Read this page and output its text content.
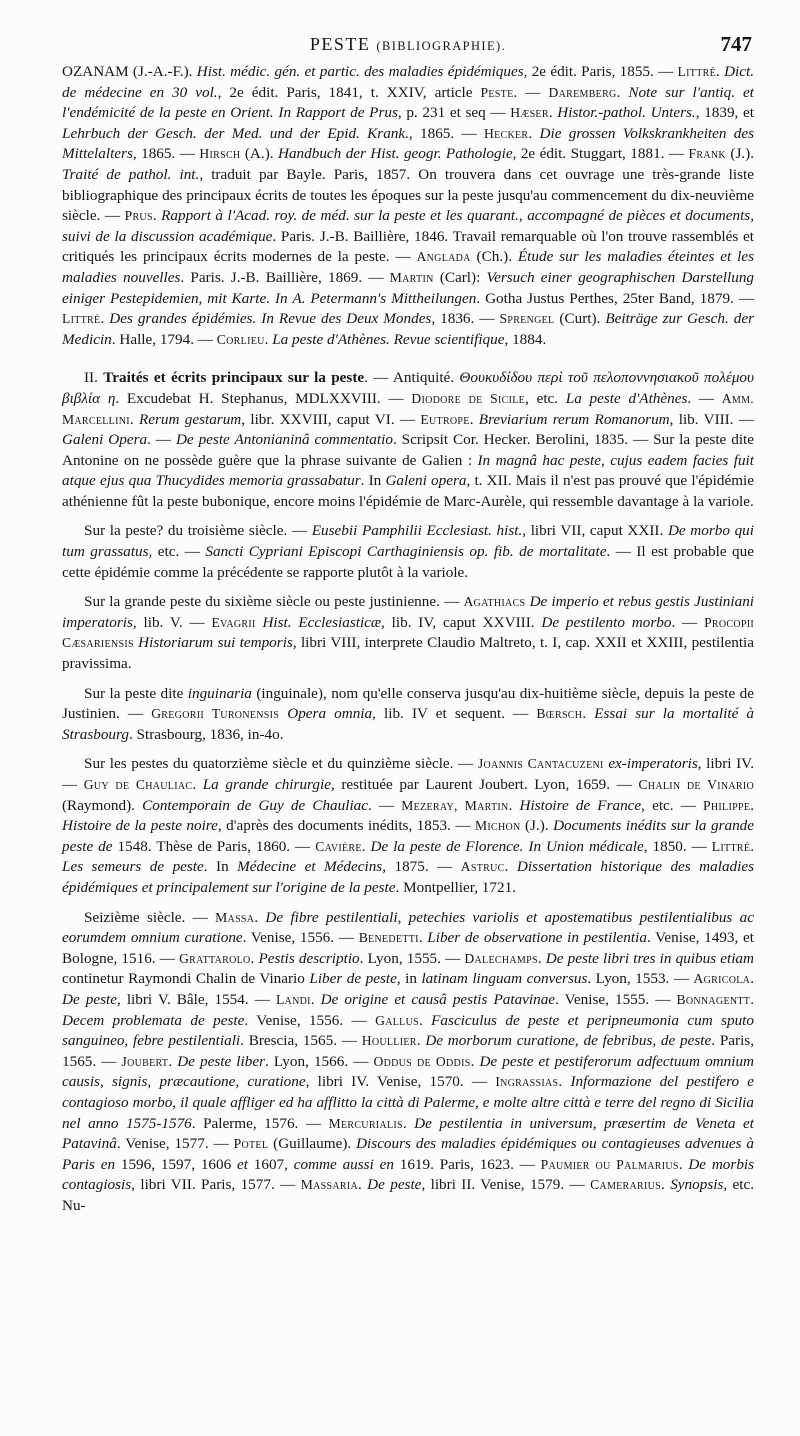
PESTE (BIBLIOGRAPHIE).	747

OZANAM (J.-A.-F.). Hist. médic. gén. et partic. des maladies épidémiques, 2e édit. Paris, 1855. — Littré. Dict. de médecine en 30 vol., 2e édit. Paris, 1841, t. XXIV, article Peste. — Daremberg. Note sur l'antiq. et l'endémicité de la peste en Orient. In Rapport de Prus, p. 231 et seq — Hæser. Histor.-pathol. Unters., 1839, et Lehrbuch der Gesch. der Med. und der Epid. Krank., 1865. — Hecker. Die grossen Volkskrankheiten des Mittelalters, 1865. — Hirsch (A.). Handbuch der Hist. geogr. Pathologie, 2e édit. Stuggart, 1881. — Frank (J.). Traité de pathol. int., traduit par Bayle. Paris, 1857. On trouvera dans cet ouvrage une très-grande liste bibliographique des principaux écrits de toutes les époques sur la peste jusqu'au commencement du dix-neuvième siècle. — Prus. Rapport à l'Acad. roy. de méd. sur la peste et les quarant., accompagné de pièces et documents, suivi de la discussion académique. Paris. J.-B. Baillière, 1846. Travail remarquable où l'on trouve rassemblés et critiqués les principaux écrits modernes de la peste. — Anglada (Ch.). Étude sur les maladies éteintes et les maladies nouvelles. Paris. J.-B. Baillière, 1869. — Martin (Carl): Versuch einer geographischen Darstellung einiger Pestepidemien, mit Karte. In A. Petermann's Mittheilungen. Gotha Justus Perthes, 25ter Band, 1879. — Littré. Des grandes épidémies. In Revue des Deux Mondes, 1836. — Sprengel (Curt). Beiträge zur Gesch. der Medicin. Halle, 1794. — Corlieu. La peste d'Athènes. Revue scientifique, 1884.

II. Traités et écrits principaux sur la peste. — Antiquité. Θουκυδίδου περὶ τοῦ πελοποννησιακοῦ πολέμου βιβλία η. Excudebat H. Stephanus, MDLXXVIII. — Diodore de Sicile, etc. La peste d'Athènes. — Amm. Marcellini. Rerum gestarum, libr. XXVIII, caput VI. — Eutrope. Breviarium rerum Romanorum, lib. VIII. — Galeni Opera. — De peste Antonianinâ commentatio. Scripsit Cor. Hecker. Berolini, 1835. — Sur la peste dite Antonine on ne possède guère que la phrase suivante de Galien : In magnâ hac peste, cujus eadem facies fuit atque ejus qua Thucydides memoria grassabatur. In Galeni opera, t. XII. Mais il n'est pas prouvé que l'épidémie athénienne fût la peste bubonique, encore moins l'épidémie de Marc-Aurèle, qui ressemble davantage à la variole.

Sur la peste? du troisième siècle. — Eusebii Pamphilii Ecclesiast. hist., libri VII, caput XXII. De morbo qui tum grassatus, etc. — Sancti Cypriani Episcopi Carthaginiensis op. fib. de mortalitate. — Il est probable que cette épidémie comme la précédente se rapporte plutôt à la variole.

Sur la grande peste du sixième siècle ou peste justinienne. — Agathiacs De imperio et rebus gestis Justiniani imperatoris, lib. V. — Evagrii Hist. Ecclesiasticæ, lib. IV, caput XXVIII. De pestilento morbo. — Procopii Cæsariensis Historiarum sui temporis, libri VIII, interprete Claudio Maltreto, t. I, cap. XXII et XXIII, pestilentia pravissima.

Sur la peste dite inguinaria (inguinale), nom qu'elle conserva jusqu'au dix-huitième siècle, depuis la peste de Justinien. — Gregorii Turonensis Opera omnia, lib. IV et sequent. — Bœrsch. Essai sur la mortalité à Strasbourg. Strasbourg, 1836, in-4o.

Sur les pestes du quatorzième siècle et du quinzième siècle. — Joannis Cantacuzeni ex-imperatoris, libri IV. — Guy de Chauliac. La grande chirurgie, restituée par Laurent Joubert. Lyon, 1659. — Chalin de Vinario (Raymond). Contemporain de Guy de Chauliac. — Mezeray, Martin. Histoire de France, etc. — Philippe. Histoire de la peste noire, d'après des documents inédits, 1853. — Michon (J.). Documents inédits sur la grande peste de 1548. Thèse de Paris, 1860. — Cavière. De la peste de Florence. In Union médicale, 1850. — Littré. Les semeurs de peste. In Médecine et Médecins, 1875. — Astruc. Dissertation historique des maladies épidémiques et principalement sur l'origine de la peste. Montpellier, 1721.

Seizième siècle. — Massa. De fibre pestilentiali, petechies variolis et apostematibus pestilentialibus ac eorumdem omnium curatione. Venise, 1556. — Benedetti. Liber de observatione in pestilentia. Venise, 1493, et Bologne, 1516. — Grattarolo. Pestis descriptio. Lyon, 1555. — Dalechamps. De peste libri tres in quibus etiam continetur Raymondi Chalin de Vinario Liber de peste, in latinam linguam conversus. Lyon, 1553. — Agricola. De peste, libri V. Bâle, 1554. — Landi. De origine et causâ pestis Patavinae. Venise, 1555. — Bonnagentt. Decem problemata de peste. Venise, 1556. — Gallus. Fasciculus de peste et peripneumonia cum sputo sanguineo, febre pestilentiali. Brescia, 1565. — Houllier. De morborum curatione, de febribus, de peste. Paris, 1565. — Joubert. De peste liber. Lyon, 1566. — Oddus de Oddis. De peste et pestiferorum adfectuum omnium causis, signis, præcautione, curatione, libri IV. Venise, 1570. — Ingrassias. Informazione del pestifero e contagioso morbo, il quale affliger ed ha afflitto la città di Palerme, e molte altre città e terre del regno di Sicilia nel anno 1575-1576. Palerme, 1576. — Mercurialis. De pestilentia in universum, præsertim de Veneta et Patavinâ. Venise, 1577. — Potel (Guillaume). Discours des maladies épidémiques ou contagieuses advenues à Paris en 1596, 1597, 1606 et 1607, comme aussi en 1619. Paris, 1623. — Paumier ou Palmarius. De morbis contagiosis, libri VII. Paris, 1577. — Massaria. De peste, libri II. Venise, 1579. — Camerarius. Synopsis, etc. Nu-
